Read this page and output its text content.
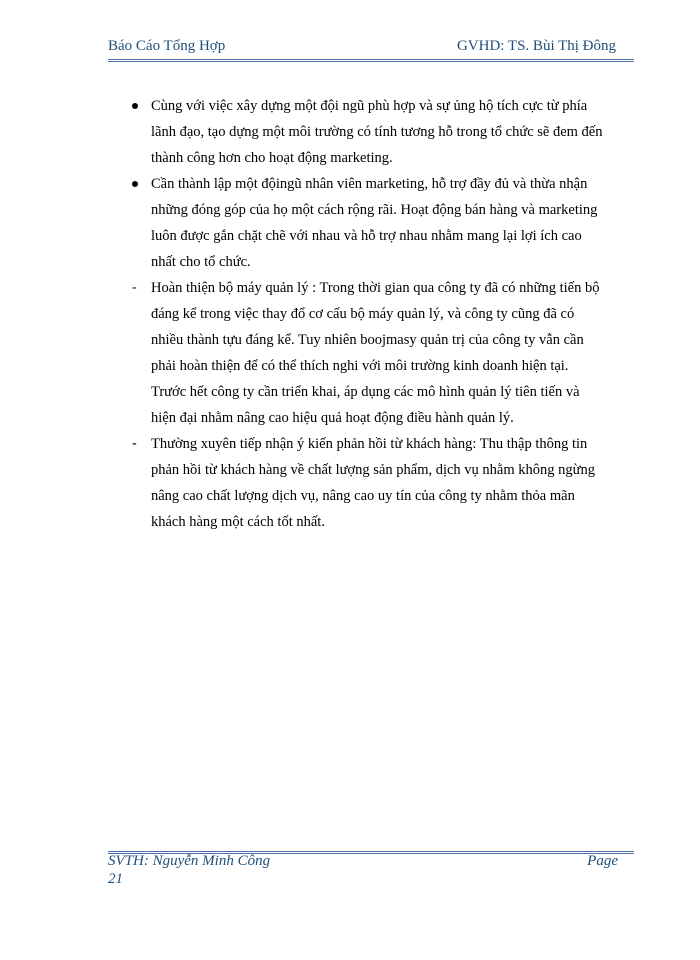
Báo Cáo Tổng Hợp	GVHD: TS. Bùi Thị Đông

Cùng với việc xây dựng một đội ngũ phù hợp và sự ủng hộ tích cực từ phía

lãnh đạo, tạo dựng một môi trường có tính tương hỗ trong tổ chức sẽ đem đến

thành công hơn cho hoạt động marketing.

Cần thành lập một độingũ nhân viên marketing, hỗ trợ đầy đủ và thừa nhận

những đóng góp của họ một cách rộng rãi. Hoạt động bán hàng và marketing

luôn được gắn chặt chẽ với nhau và hỗ trợ nhau nhằm mang lại lợi ích cao

nhất cho tổ chức.

- Hoàn thiện bộ máy quản lý : Trong thời gian qua công ty đã có những tiến bộ

đáng kể trong việc thay đổ cơ cấu bộ máy quản lý, và công ty cũng đã có

nhiều thành tựu đáng kể. Tuy nhiên boojmasy quản trị của công ty vẫn cần

phải hoàn thiện để có thể thích nghi với môi trường kinh doanh hiện tại.

Trước hết công ty cần triển khai, áp dụng các mô hình quản lý tiên tiến và

hiện đại nhằm nâng cao hiệu quả hoạt động điều hành quản lý.

- Thường xuyên tiếp nhận ý kiến phản hồi từ khách hàng: Thu thập thông tin

phản hồi từ khách hàng về chất lượng sản phẩm, dịch vụ nhằm không ngừng

nâng cao chất lượng dịch vụ, nâng cao uy tín của công ty nhằm thỏa mãn

khách hàng một cách tốt nhất.

SVTH: Nguyễn Minh Công	Page
21
